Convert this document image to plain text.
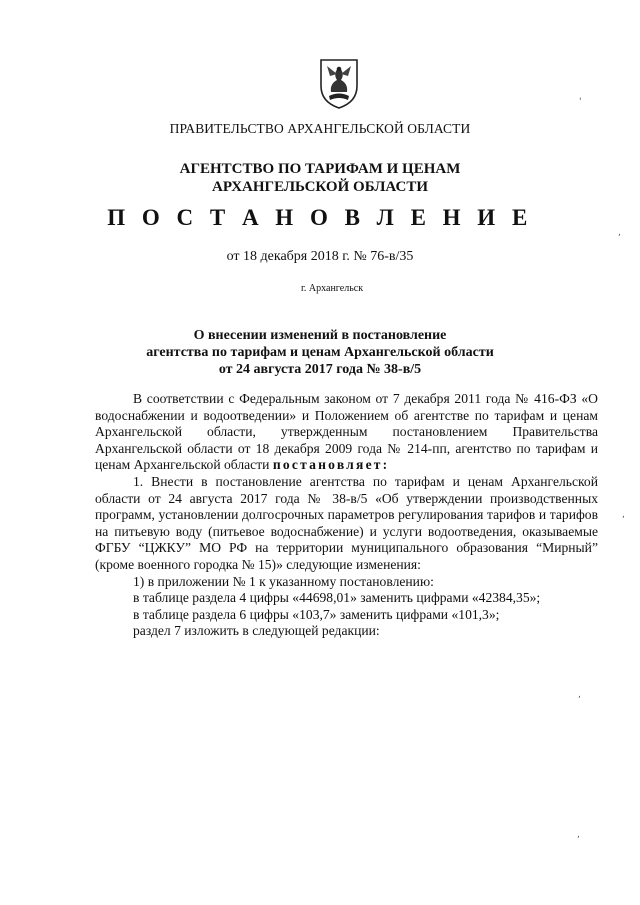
ПРАВИТЕЛЬСТВО АРХАНГЕЛЬСКОЙ ОБЛАСТИ
АГЕНТСТВО ПО ТАРИФАМ И ЦЕНАМ
АРХАНГЕЛЬСКОЙ ОБЛАСТИ
П О С Т А Н О В Л Е Н И Е
от 18 декабря 2018 г. № 76-в/35
г. Архангельск
О внесении изменений в постановление
агентства по тарифам и ценам Архангельской области
от 24 августа 2017 года № 38-в/5

В соответствии с Федеральным законом от 7 декабря 2011 года № 416-ФЗ «О водоснабжении и водоотведении» и Положением об агентстве по тарифам и ценам Архангельской области, утвержденным постановлением Правительства Архангельской области от 18 декабря 2009 года № 214-пп, агентство по тарифам и ценам Архангельской области постановляет:

1. Внести в постановление агентства по тарифам и ценам Архангельской области от 24 августа 2017 года № 38-в/5 «Об утверждении производственных программ, установлении долгосрочных параметров регулирования тарифов и тарифов на питьевую воду (питьевое водоснабжение) и услуги водоотведения, оказываемые ФГБУ “ЦЖКУ” МО РФ на территории муниципального образования “Мирный” (кроме военного городка № 15)» следующие изменения:

1) в приложении № 1 к указанному постановлению:

в таблице раздела 4 цифры «44698,01» заменить цифрами «42384,35»;

в таблице раздела 6 цифры «103,7» заменить цифрами «101,3»;

раздел 7 изложить в следующей редакции:

'
,
,
,
,
